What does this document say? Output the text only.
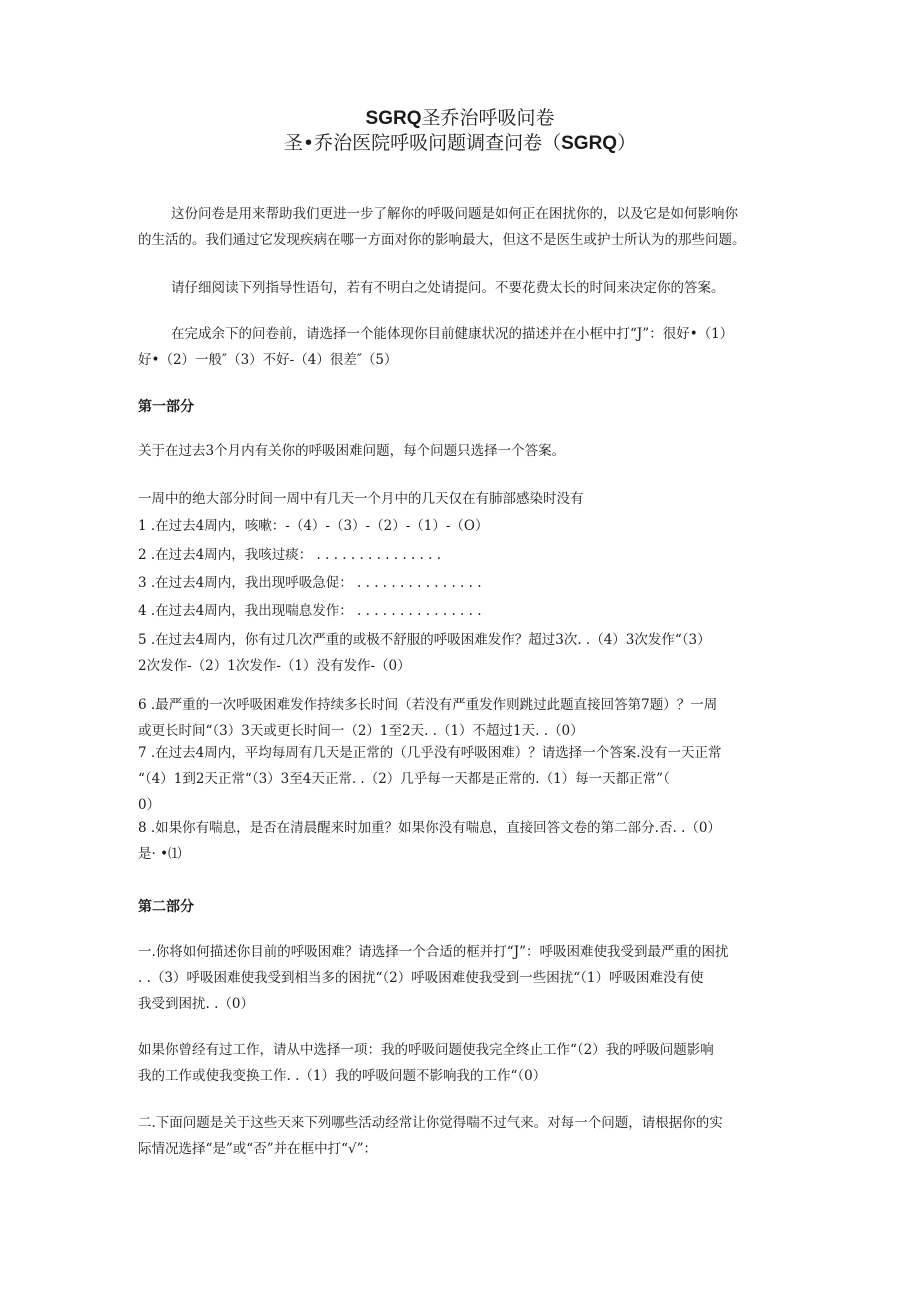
SGRQ圣乔治呼吸问卷
圣•乔治医院呼吸问题调查问卷（SGRQ）

这份问卷是用来帮助我们更进一步了解你的呼吸问题是如何正在困扰你的，以及它是如何影响你
的生活的。我们通过它发现疾病在哪一方面对你的影响最大，但这不是医生或护士所认为的那些问题。

请仔细阅读下列指导性语句，若有不明白之处请提问。不要花费太长的时间来决定你的答案。

在完成余下的问卷前，请选择一个能体现你目前健康状况的描述并在小框中打“J”：很好•（1）
好•（2）一般″（3）不好-（4）很差″（5）

第一部分

关于在过去3个月内有关你的呼吸困难问题，每个问题只选择一个答案。

一周中的绝大部分时间一周中有几天一个月中的几天仅在有肺部感染时没有

1 .在过去4周内，咳嗽：-（4）-（3）-（2）-（1）-（O）

2 .在过去4周内，我咳过痰： . . . . . . . . . . . . . . .

3 .在过去4周内，我出现呼吸急促： . . . . . . . . . . . . . . .

4 .在过去4周内，我出现喘息发作： . . . . . . . . . . . . . . .

5 .在过去4周内，你有过几次严重的或极不舒服的呼吸困难发作？超过3次. .（4）3次发作“（3）
2次发作-（2）1次发作-（1）没有发作-（0）

6 .最严重的一次呼吸困难发作持续多长时间（若没有严重发作则跳过此题直接回答第7题）？一周
或更长时间“（3）3天或更长时间一（2）1至2天. .（1）不超过1天. .（0）

7 .在过去4周内，平均每周有几天是正常的（几乎没有呼吸困难）？请选择一个答案.没有一天正常
“（4）1到2天正常“（3）3至4天正常. .（2）几乎每一天都是正常的.（1）每一天都正常”（
0）

8 .如果你有喘息，是否在清晨醒来时加重？如果你没有喘息，直接回答文卷的第二部分.否. .（0）
是· •⑴

第二部分

一.你将如何描述你目前的呼吸困难？请选择一个合适的框并打“J”：呼吸困难使我受到最严重的困扰
. .（3）呼吸困难使我受到相当多的困扰“（2）呼吸困难使我受到一些困扰“（1）呼吸困难没有使
我受到困扰. .（0）

如果你曾经有过工作，请从中选择一项：我的呼吸问题使我完全终止工作“（2）我的呼吸问题影响
我的工作或使我变换工作. .（1）我的呼吸问题不影响我的工作“（0）

二.下面问题是关于这些天来下列哪些活动经常让你觉得喘不过气来。对每一个问题，请根据你的实
际情况选择“是”或“否”并在框中打“√”：
